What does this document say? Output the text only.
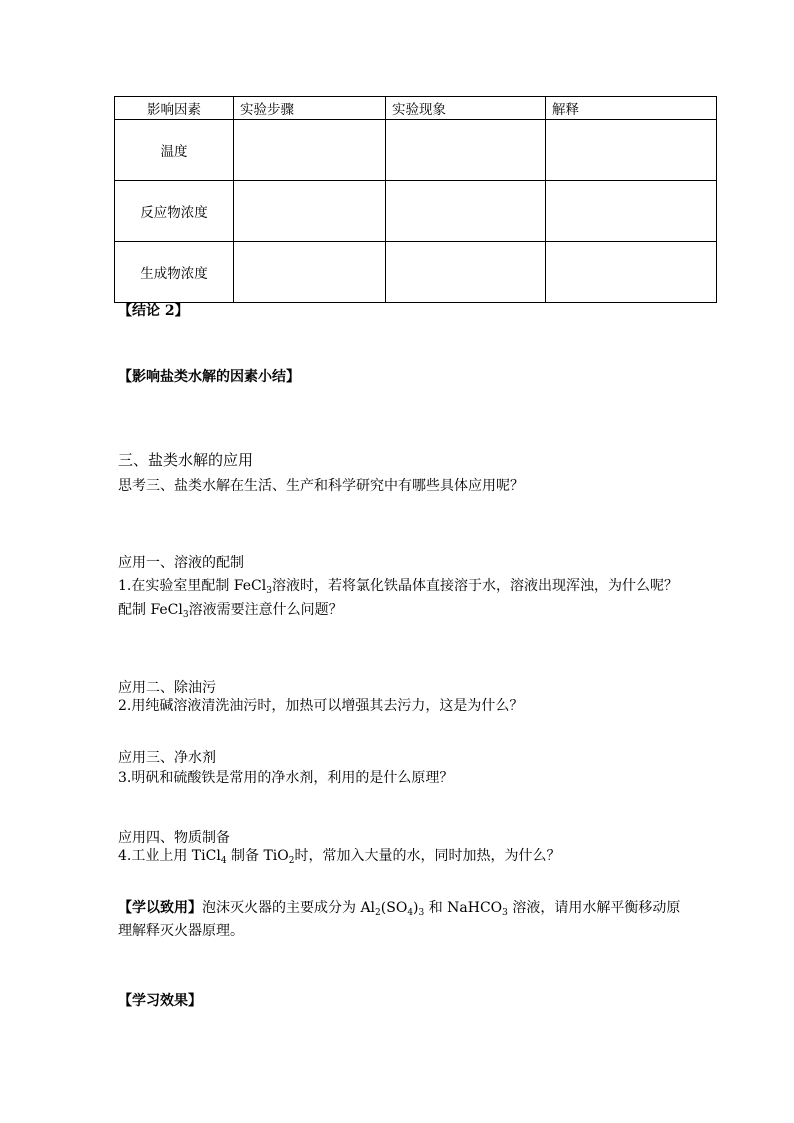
影响因素	实验步骤	实验现象	解释
温度			
反应物浓度			
生成物浓度			
【结论 2】
【影响盐类水解的因素小结】
三、盐类水解的应用
思考三、盐类水解在生活、生产和科学研究中有哪些具体应用呢？
应用一、溶液的配制
1.在实验室里配制 FeCl$_3$溶液时，若将氯化铁晶体直接溶于水，溶液出现浑浊，为什么呢？
配制 FeCl$_3$溶液需要注意什么问题？
应用二、除油污
2.用纯碱溶液清洗油污时，加热可以增强其去污力，这是为什么？
应用三、净水剂
3.明矾和硫酸铁是常用的净水剂，利用的是什么原理？
应用四、物质制备
4.工业上用 TiCl$_4$ 制备 TiO$_2$时，常加入大量的水，同时加热，为什么？
【学以致用】泡沫灭火器的主要成分为 $Al_2(SO_4)_3$ 和 NaHCO$_3$ 溶液，请用水解平衡移动原
理解释灭火器原理。
【学习效果】
